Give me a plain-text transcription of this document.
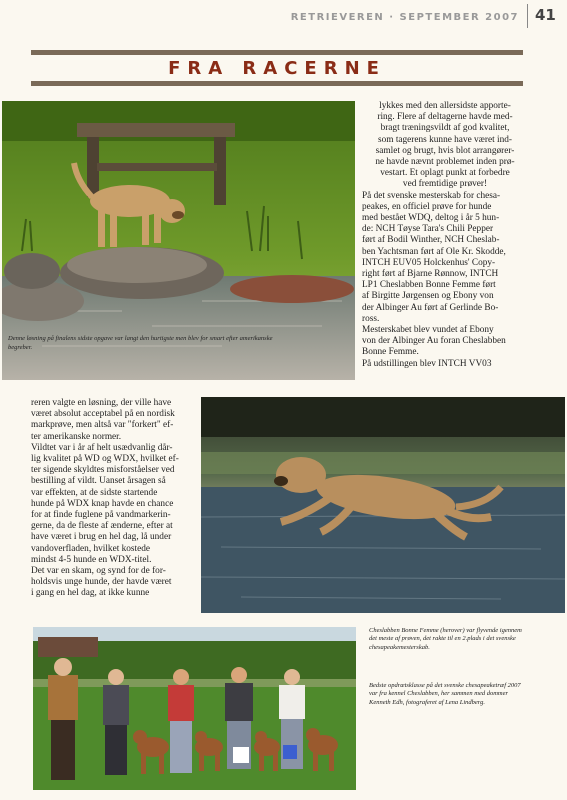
RETRIEVEREN · SEPTEMBER 2007 41
FRA RACERNE
Denne løsning på finalens sidste opgave var langt den hurtigste men blev for smart efter amerikanske begreber.

lykkes med den allersidste apporte-

ring. Flere af deltagerne havde med-

bragt træningsvildt af god kvalitet,

som tagerens kunne have været ind-

samlet og brugt, hvis blot arrangører-

ne havde nævnt problemet inden prø-

vestart. Et oplagt punkt at forbedre

ved fremtidige prøver!

På det svenske mesterskab for chesa-

peakes, en officiel prøve for hunde

med bestået WDQ, deltog i år 5 hun-

de: NCH Tøyse Tara's Chili Pepper

ført af Bodil Winther, NCH Cheslab-

ben Yachtsman ført af Ole Kr. Skodde,

INTCH EUV05 Holckenhus' Copy-

right ført af Bjarne Rønnow, INTCH

LP1 Cheslabben Bonne Femme ført

af Birgitte Jørgensen og Ebony von

der Albinger Au ført af Gerlinde Bo-

ross.

Mesterskabet blev vundet af Ebony

von der Albinger Au foran Cheslabben

Bonne Femme.

På udstillingen blev INTCH VV03

reren valgte en løsning, der ville have

været absolut acceptabel på en nordisk

markprøve, men altså var "forkert" ef-

ter amerikanske normer.

Vildtet var i år af helt usædvanlig dår-

lig kvalitet på WD og WDX, hvilket ef-

ter sigende skyldtes misforståelser ved

bestilling af vildt. Uanset årsagen så

var effekten, at de sidste startende

hunde på WDX knap havde en chance

for at finde fuglene på vandmarkerin-

gerne, da de fleste af ænderne, efter at

have været i brug en hel dag, lå under

vandoverfladen, hvilket kostede

mindst 4-5 hunde en WDX-titel.

Det var en skam, og synd for de for-

holdsvis unge hunde, der havde været

i gang en hel dag, at ikke kunne

Cheslabben Bonne Femme (herover) var flyvende igennem det meste af prøven, det rakte til en 2.plads i det svenske chesapeakemesterskab.
Bedste opdrætsklasse på det svenske chesapeaketræf 2007 var fra kennel Cheslabben, her sammen med dommer Kenneth Edh, fotograferet af Lena Lindberg.
